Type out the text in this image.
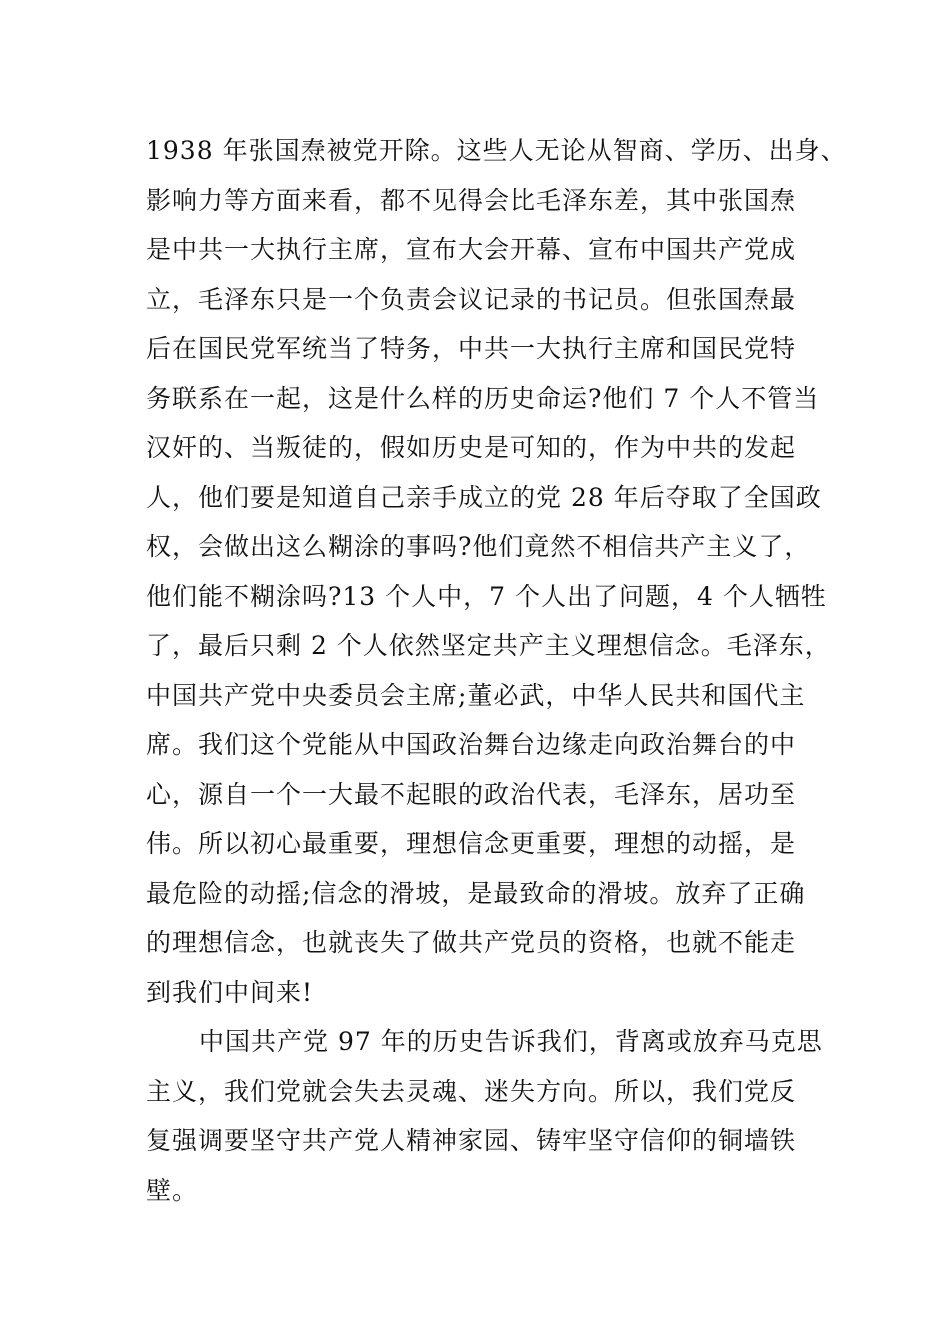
1938 年张国焘被党开除。这些人无论从智商、学历、出身、
影响力等方面来看，都不见得会比毛泽东差，其中张国焘
是中共一大执行主席，宣布大会开幕、宣布中国共产党成
立，毛泽东只是一个负责会议记录的书记员。但张国焘最
后在国民党军统当了特务，中共一大执行主席和国民党特
务联系在一起，这是什么样的历史命运?他们 7 个人不管当
汉奸的、当叛徒的，假如历史是可知的，作为中共的发起
人，他们要是知道自己亲手成立的党 28 年后夺取了全国政
权，会做出这么糊涂的事吗?他们竟然不相信共产主义了，
他们能不糊涂吗?13 个人中，7 个人出了问题，4 个人牺牲
了，最后只剩 2 个人依然坚定共产主义理想信念。毛泽东，
中国共产党中央委员会主席;董必武，中华人民共和国代主
席。我们这个党能从中国政治舞台边缘走向政治舞台的中
心，源自一个一大最不起眼的政治代表，毛泽东，居功至
伟。所以初心最重要，理想信念更重要，理想的动摇，是
最危险的动摇;信念的滑坡，是最致命的滑坡。放弃了正确
的理想信念，也就丧失了做共产党员的资格，也就不能走
到我们中间来!
中国共产党 97 年的历史告诉我们，背离或放弃马克思
主义，我们党就会失去灵魂、迷失方向。所以，我们党反
复强调要坚守共产党人精神家园、铸牢坚守信仰的铜墙铁
壁。
